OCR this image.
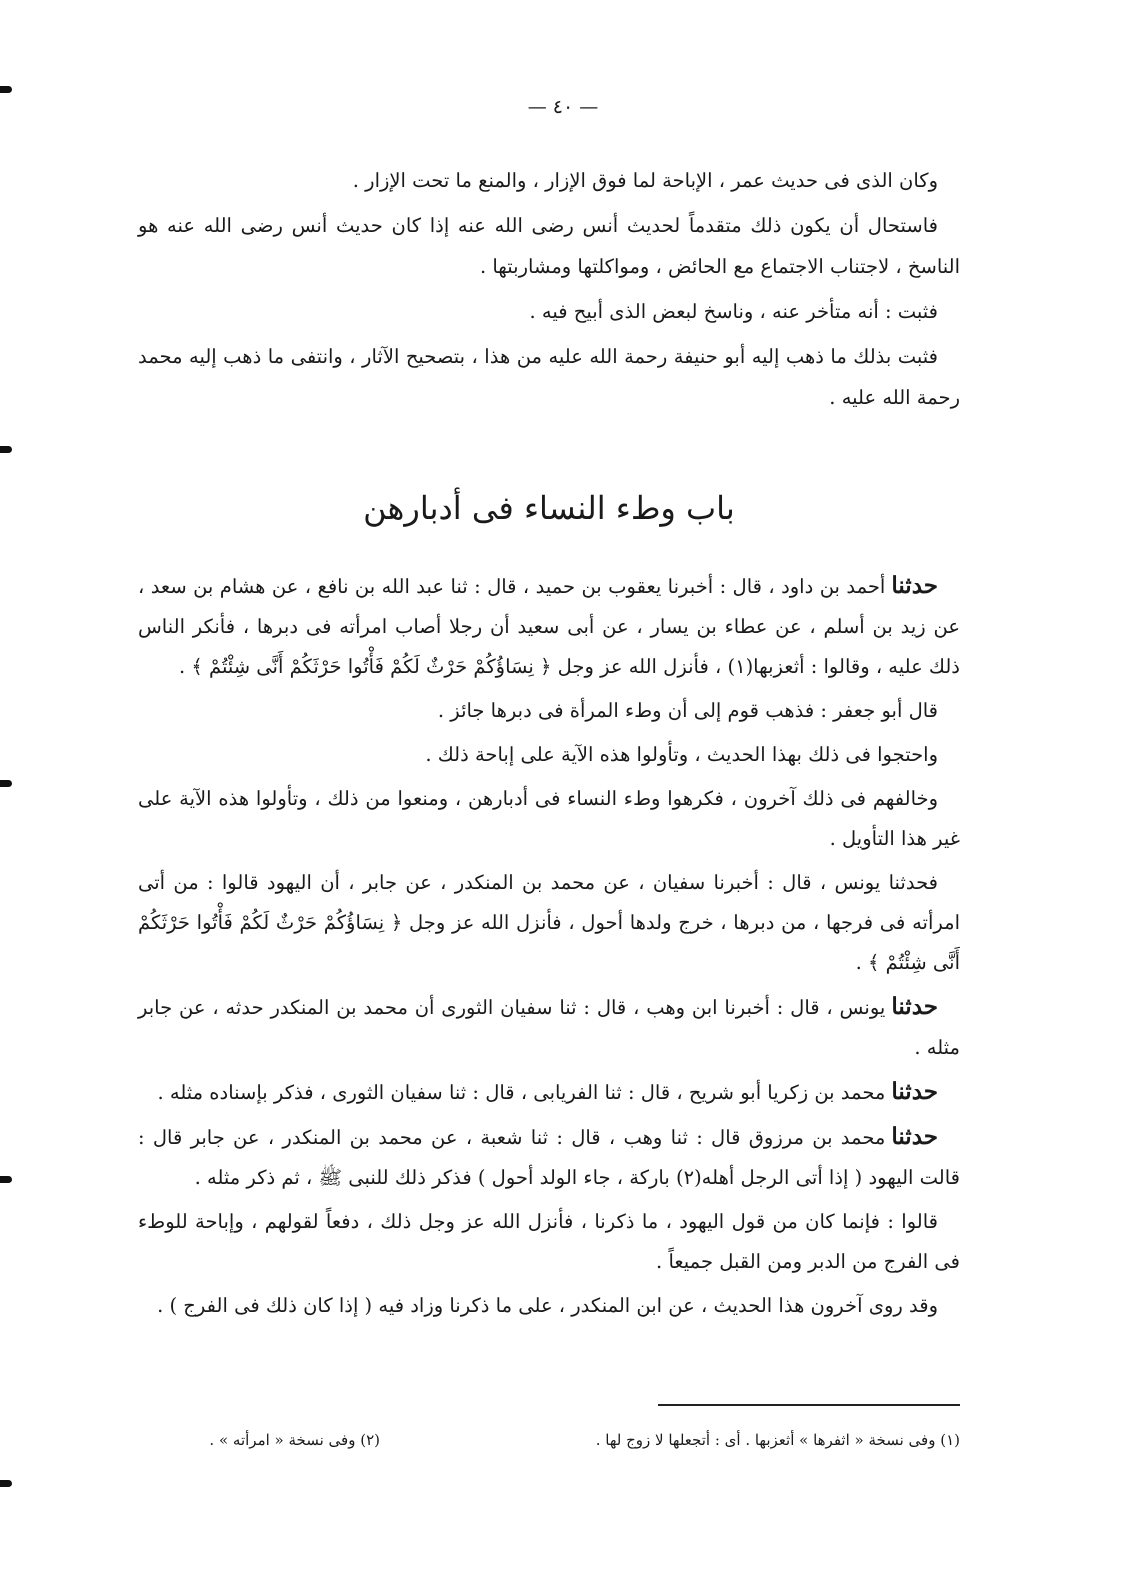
— ٤٠ —

وكان الذى فى حديث عمر ، الإباحة لما فوق الإزار ، والمنع ما تحت الإزار .

فاستحال أن يكون ذلك متقدماً لحديث أنس رضى الله عنه إذا كان حديث أنس رضى الله عنه هو الناسخ ، لاجتناب الاجتماع مع الحائض ، ومواكلتها ومشاربتها .

فثبت : أنه متأخر عنه ، وناسخ لبعض الذى أبيح فيه .

فثبت بذلك ما ذهب إليه أبو حنيفة رحمة الله عليه من هذا ، بتصحيح الآثار ، وانتفى ما ذهب إليه محمد رحمة الله عليه .

باب وطء النساء فى أدبارهن

حدثناأحمد بن داود ، قال : أخبرنا يعقوب بن حميد ، قال : ثنا عبد الله بن نافع ، عن هشام بن سعد ، عن زيد بن أسلم ، عن عطاء بن يسار ، عن أبى سعيد أن رجلا أصاب امرأته فى دبرها ، فأنكر الناس ذلك عليه ، وقالوا : أثعزبها(١) ، فأنزل الله عز وجل ﴿ نِسَاؤُكُمْ حَرْثٌ لَكُمْ فَأْتُوا حَرْثَكُمْ أَنَّى شِئْتُمْ ﴾ .

قال أبو جعفر : فذهب قوم إلى أن وطء المرأة فى دبرها جائز .

واحتجوا فى ذلك بهذا الحديث ، وتأولوا هذه الآية على إباحة ذلك .

وخالفهم فى ذلك آخرون ، فكرهوا وطء النساء فى أدبارهن ، ومنعوا من ذلك ، وتأولوا هذه الآية على غير هذا التأويل .

فحدثنا يونس ، قال : أخبرنا سفيان ، عن محمد بن المنكدر ، عن جابر ، أن اليهود قالوا : من أتى امرأته فى فرجها ، من دبرها ، خرج ولدها أحول ، فأنزل الله عز وجل ﴿ نِسَاؤُكُمْ حَرْثٌ لَكُمْ فَأْتُوا حَرْثَكُمْ أَنَّى شِئْتُمْ ﴾ .

حدثنايونس ، قال : أخبرنا ابن وهب ، قال : ثنا سفيان الثورى أن محمد بن المنكدر حدثه ، عن جابر مثله .

حدثنامحمد بن زكريا أبو شريح ، قال : ثنا الفريابى ، قال : ثنا سفيان الثورى ، فذكر بإسناده مثله .

حدثنامحمد بن مرزوق قال : ثنا وهب ، قال : ثنا شعبة ، عن محمد بن المنكدر ، عن جابر قال : قالت اليهود ( إذا أتى الرجل أهله(٢) باركة ، جاء الولد أحول ) فذكر ذلك للنبى ﷺ ، ثم ذكر مثله .

قالوا : فإنما كان من قول اليهود ، ما ذكرنا ، فأنزل الله عز وجل ذلك ، دفعاً لقولهم ، وإباحة للوطء فى الفرج من الدبر ومن القبل جميعاً .

وقد روى آخرون هذا الحديث ، عن ابن المنكدر ، على ما ذكرنا وزاد فيه ( إذا كان ذلك فى الفرج ) .

(١) وفى نسخة « اثفرها » أثعزبها . أى : أتجعلها لا زوج لها .
(٢) وفى نسخة « امرأته » .
